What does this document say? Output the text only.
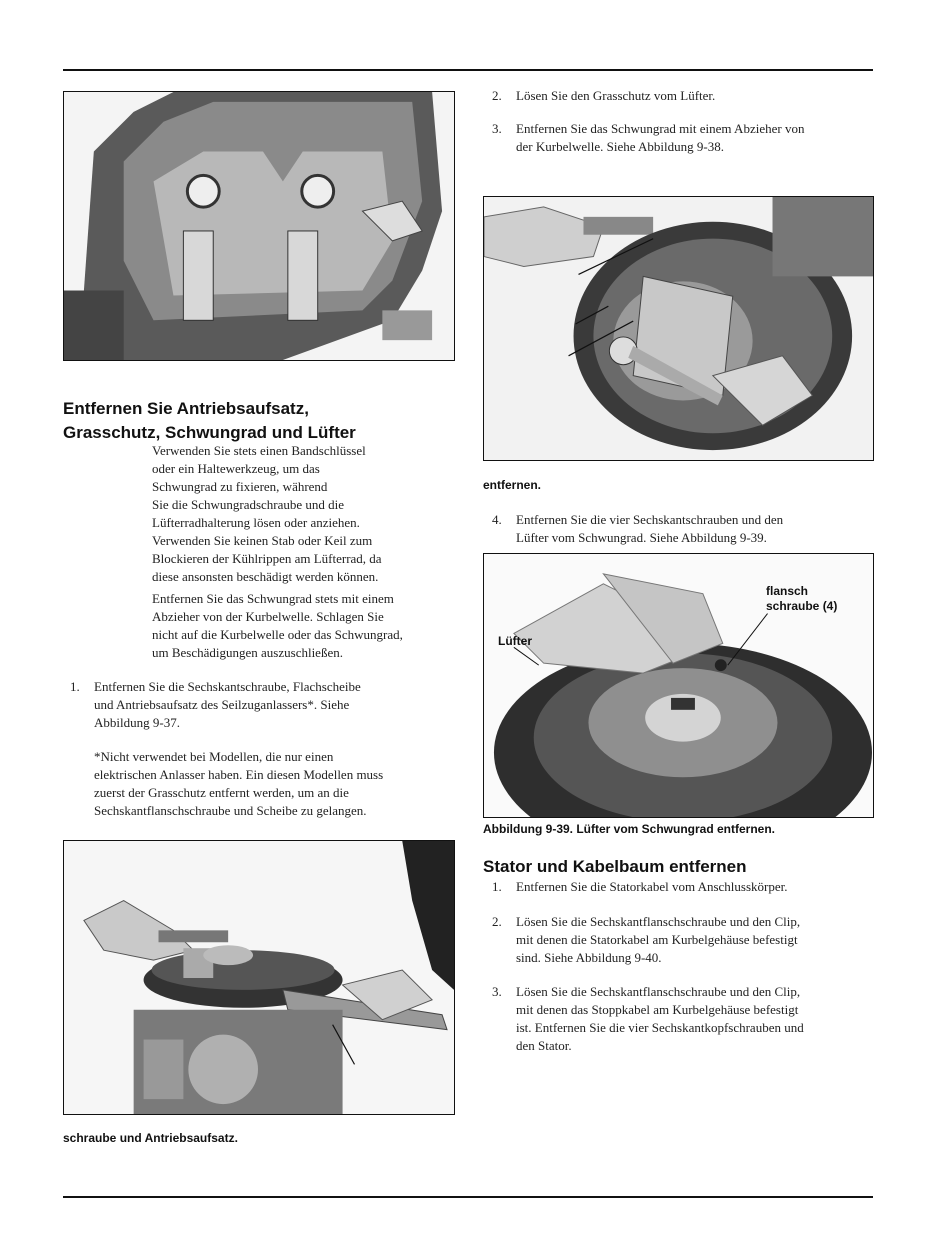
Entfernen Sie Antriebsaufsatz,
Grasschutz, Schwungrad und Lüfter
Verwenden Sie stets einen Bandschlüssel
oder ein Haltewerkzeug, um das
Schwungrad zu fixieren, während
Sie die Schwungradschraube und die
Lüfterradhalterung lösen oder anziehen.
Verwenden Sie keinen Stab oder Keil zum
Blockieren der Kühlrippen am Lüfterrad, da
diese ansonsten beschädigt werden können.
Entfernen Sie das Schwungrad stets mit einem
Abzieher von der Kurbelwelle. Schlagen Sie
nicht auf die Kurbelwelle oder das Schwungrad,
um Beschädigungen auszuschließen.
1.	Entfernen Sie die Sechskantschraube, Flachscheibe
und Antriebsaufsatz des Seilzuganlassers*. Siehe
Abbildung 9-37.
*Nicht verwendet bei Modellen, die nur einen
elektrischen Anlasser haben. Ein diesen Modellen muss
zuerst der Grasschutz entfernt werden, um an die
Sechskantflanschschraube und Scheibe zu gelangen.
schraube und Antriebsaufsatz.
2.	Lösen Sie den Grasschutz vom Lüfter.
3.	Entfernen Sie das Schwungrad mit einem Abzieher von
der Kurbelwelle. Siehe Abbildung 9-38.
entfernen.
4.	Entfernen Sie die vier Sechskantschrauben und den
Lüfter vom Schwungrad. Siehe Abbildung 9-39.
Lüfter
flansch
schraube (4)
Abbildung 9-39. Lüfter vom Schwungrad entfernen.
Stator und Kabelbaum entfernen
1.	Entfernen Sie die Statorkabel vom Anschlusskörper.
2.	Lösen Sie die Sechskantflanschschraube und den Clip,
mit denen die Statorkabel am Kurbelgehäuse befestigt
sind. Siehe Abbildung 9-40.
3.	Lösen Sie die Sechskantflanschschraube und den Clip,
mit denen das Stoppkabel am Kurbelgehäuse befestigt
ist. Entfernen Sie die vier Sechskantkopfschrauben und
den Stator.
